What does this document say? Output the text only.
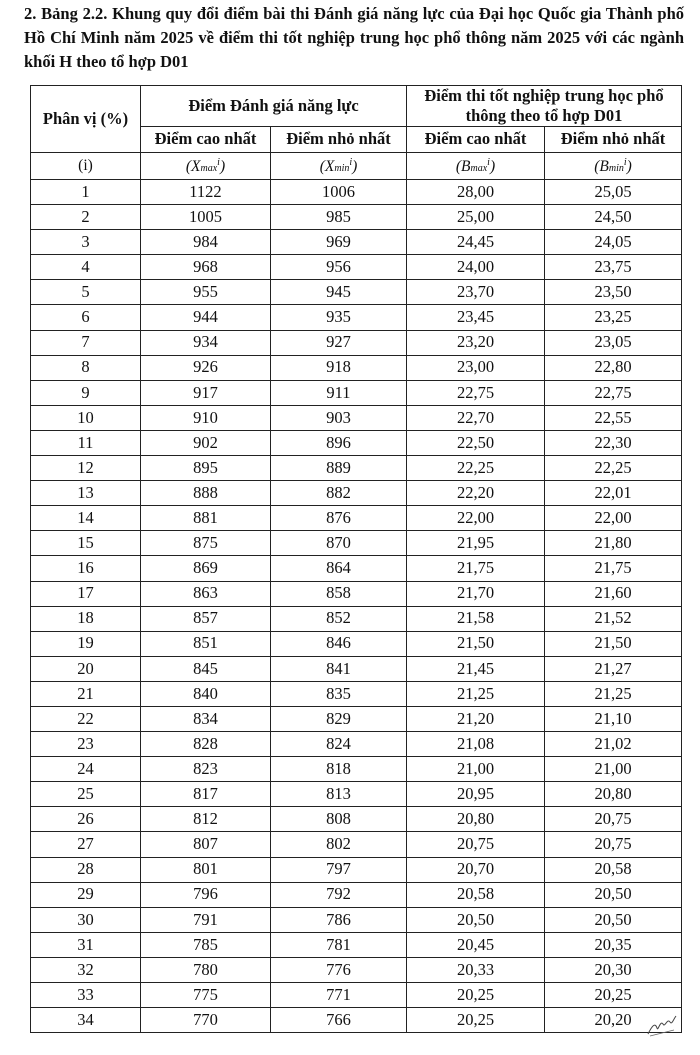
2. Bảng 2.2. Khung quy đổi điểm bài thi Đánh giá năng lực của Đại học Quốc gia Thành phố Hồ Chí Minh năm 2025 về điểm thi tốt nghiệp trung học phổ thông năm 2025 với các ngành khối H theo tổ hợp D01

Phân vị (%)	Điểm Đánh giá năng lực		Điểm thi tốt nghiệp trung học phổ thông theo tổ hợp D01	
	Điểm cao nhất	Điểm nhỏ nhất	Điểm cao nhất	Điểm nhỏ nhất
(i)	(Xmax$^i$)	(Xmin$^i$)	(Bmax$^i$)	(Bmin$^i$)
1	1122	1006	28,00	25,05
2	1005	985	25,00	24,50
3	984	969	24,45	24,05
4	968	956	24,00	23,75
5	955	945	23,70	23,50
6	944	935	23,45	23,25
7	934	927	23,20	23,05
8	926	918	23,00	22,80
9	917	911	22,75	22,75
10	910	903	22,70	22,55
11	902	896	22,50	22,30
12	895	889	22,25	22,25
13	888	882	22,20	22,01
14	881	876	22,00	22,00
15	875	870	21,95	21,80
16	869	864	21,75	21,75
17	863	858	21,70	21,60
18	857	852	21,58	21,52
19	851	846	21,50	21,50
20	845	841	21,45	21,27
21	840	835	21,25	21,25
22	834	829	21,20	21,10
23	828	824	21,08	21,02
24	823	818	21,00	21,00
25	817	813	20,95	20,80
26	812	808	20,80	20,75
27	807	802	20,75	20,75
28	801	797	20,70	20,58
29	796	792	20,58	20,50
30	791	786	20,50	20,50
31	785	781	20,45	20,35
32	780	776	20,33	20,30
33	775	771	20,25	20,25
34	770	766	20,25	20,20
